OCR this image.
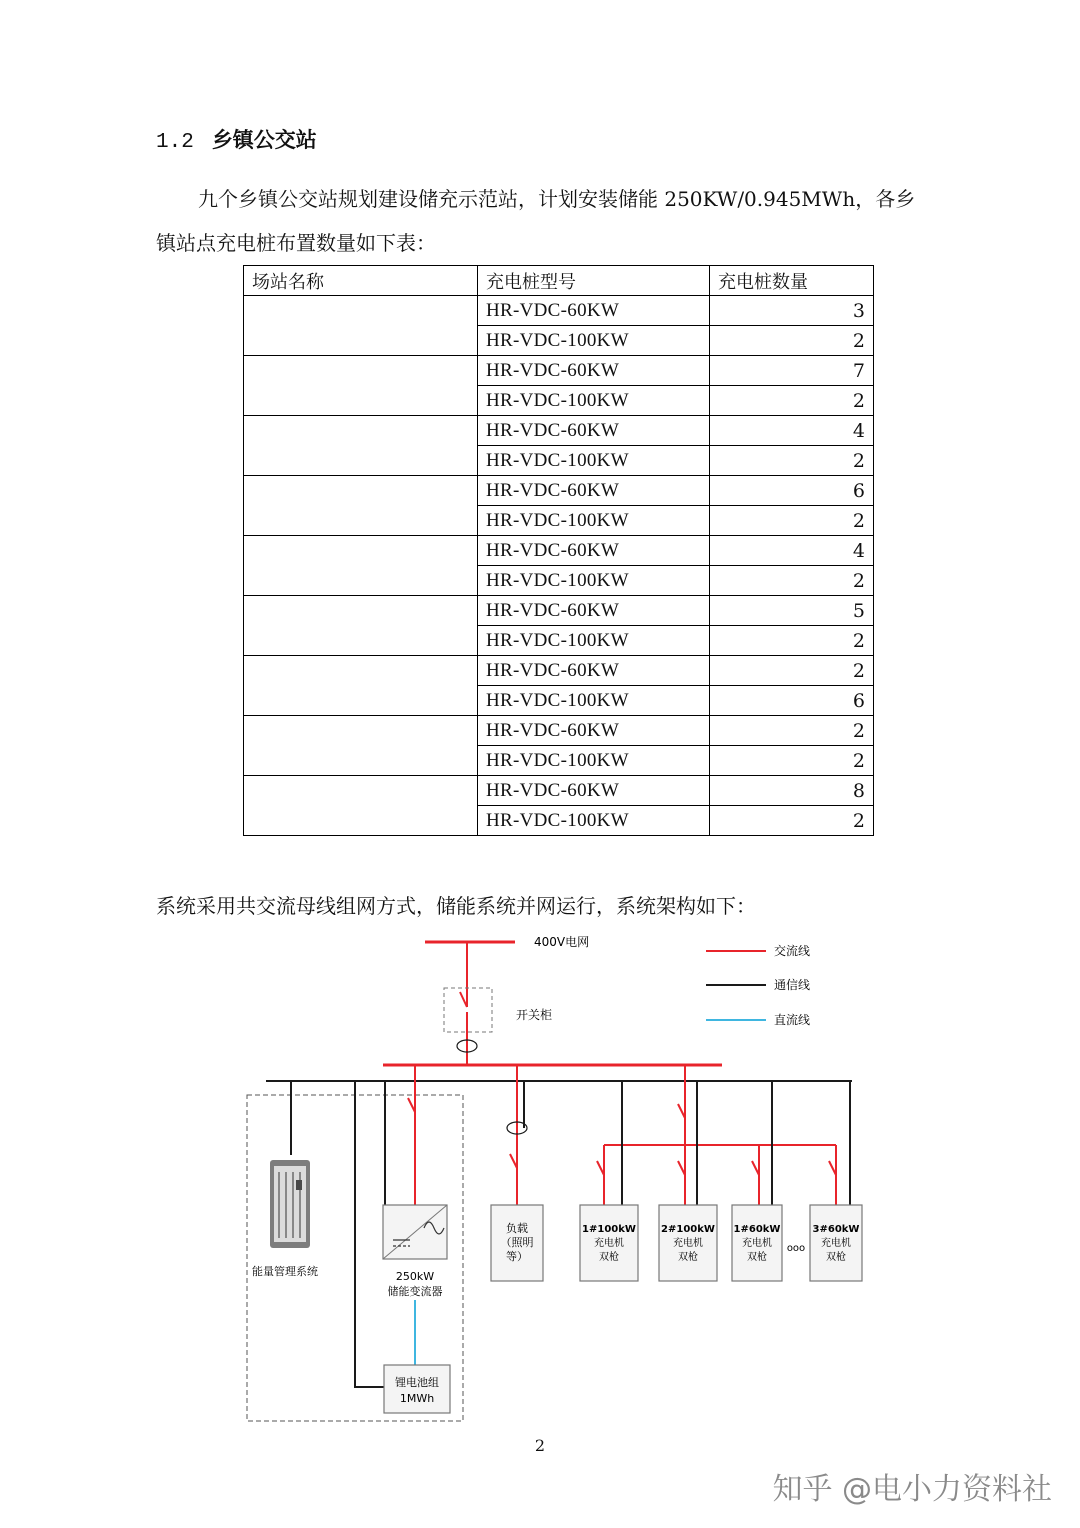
1.2 乡镇公交站
九个乡镇公交站规划建设储充示范站，计划安装储能 250KW/0.945MWh，各乡
镇站点充电桩布置数量如下表：
场站名称	充电桩型号	充电桩数量
	HR-VDC-60KW	3
	HR-VDC-100KW	2
	HR-VDC-60KW	7
	HR-VDC-100KW	2
	HR-VDC-60KW	4
	HR-VDC-100KW	2
	HR-VDC-60KW	6
	HR-VDC-100KW	2
	HR-VDC-60KW	4
	HR-VDC-100KW	2
	HR-VDC-60KW	5
	HR-VDC-100KW	2
	HR-VDC-60KW	2
	HR-VDC-100KW	6
	HR-VDC-60KW	2
	HR-VDC-100KW	2
	HR-VDC-60KW	8
	HR-VDC-100KW	2
系统采用共交流母线组网方式，储能系统并网运行，系统架构如下：
400V电网
开关柜
交流线
通信线
直流线
能量管理系统	250kW
储能变流器
锂电池组
1MWh
负载
（照明
等）
1#100kW
充电机
双枪
2#100kW
充电机
双枪
1#60kW
充电机
双枪
ooo
3#60kW
充电机
双枪
2
知乎 @电小力资料社
